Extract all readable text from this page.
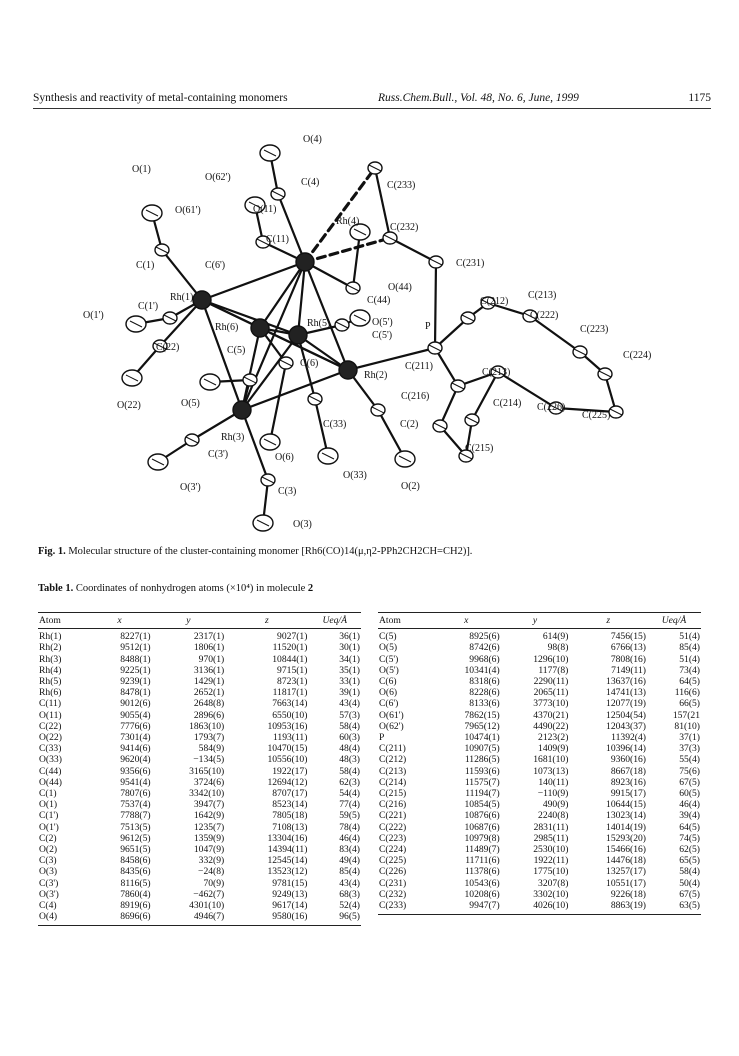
Synthesis and reactivity of metal-containing monomers	Russ.Chem.Bull., Vol. 48, No. 6, June, 1999	1175
O(4)
O(1)
O(62')	C(4)	C(233)
O(61')	O(11)
Rh(4)
C(232)
C(11)
C(1)	C(6')	C(231)
O(44)
C(213)
Rh(1)	C(44)	C(212)
C(222)
O(1')
C(1')
Rh(6)	Rh(5)	O(5')	P	C(223)
C(5')
C(22)	C(5)	C(224)
C(6)
Rh(2)
C(211)
C(213)
O(22)	O(5)
C(216)
C(214) C(226)
C(225)
C(33)	C(2)
Rh(3)
C(215)
C(3')	O(6)
O(33)
O(3')	O(2)
C(3)
O(3)
Fig. 1. Molecular structure of the cluster-containing monomer [Rh6(CO)14(μ,η2-PPh2CH2CH=CH2)].
Table 1. Coordinates of nonhydrogen atoms (×10⁴) in molecule 2
Atom	x	y	z	Ueq/Å
Rh(1)	8227(1)	2317(1)	9027(1)	36(1)
Rh(2)	9512(1)	1806(1)	11520(1)	30(1)
Rh(3)	8488(1)	970(1)	10844(1)	34(1)
Rh(4)	9225(1)	3136(1)	9715(1)	35(1)
Rh(5)	9239(1)	1429(1)	8723(1)	33(1)
Rh(6)	8478(1)	2652(1)	11817(1)	39(1)
C(11)	9012(6)	2648(8)	7663(14)	43(4)
O(11)	9055(4)	2896(6)	6550(10)	57(3)
C(22)	7776(6)	1863(10)	10953(16)	58(4)
O(22)	7301(4)	1793(7)	1193(11)	60(3)
C(33)	9414(6)	584(9)	10470(15)	48(4)
O(33)	9620(4)	−134(5)	10556(10)	48(3)
C(44)	9356(6)	3165(10)	1922(17)	58(4)
O(44)	9541(4)	3724(6)	12694(12)	62(3)
C(1)	7807(6)	3342(10)	8707(17)	54(4)
O(1)	7537(4)	3947(7)	8523(14)	77(4)
C(1')	7788(7)	1642(9)	7805(18)	59(5)
O(1')	7513(5)	1235(7)	7108(13)	78(4)
C(2)	9612(5)	1359(9)	13304(16)	46(4)
O(2)	9651(5)	1047(9)	14394(11)	83(4)
C(3)	8458(6)	332(9)	12545(14)	49(4)
O(3)	8435(6)	−24(8)	13523(12)	85(4)
C(3')	8116(5)	70(9)	9781(15)	43(4)
O(3')	7860(4)	−462(7)	9249(13)	68(3)
C(4)	8919(6)	4301(10)	9617(14)	52(4)
O(4)	8696(6)	4946(7)	9580(16)	96(5)
Atom	x	y	z	Ueq/Å
C(5)	8925(6)	614(9)	7456(15)	51(4)
O(5)	8742(6)	98(8)	6766(13)	85(4)
C(5')	9968(6)	1296(10)	7808(16)	51(4)
O(5')	10341(4)	1177(8)	7149(11)	73(4)
C(6)	8318(6)	2290(11)	13637(16)	64(5)
O(6)	8228(6)	2065(11)	14741(13)	116(6)
C(6')	8133(6)	3773(10)	12077(19)	66(5)
O(61')	7862(15)	4370(21)	12504(54)	157(21
O(62')	7965(12)	4490(22)	12043(37)	81(10)
P	10474(1)	2123(2)	11392(4)	37(1)
C(211)	10907(5)	1409(9)	10396(14)	37(3)
C(212)	11286(5)	1681(10)	9360(16)	55(4)
C(213)	11593(6)	1073(13)	8667(18)	75(6)
C(214)	11575(7)	140(11)	8923(16)	67(5)
C(215)	11194(7)	−110(9)	9915(17)	60(5)
C(216)	10854(5)	490(9)	10644(15)	46(4)
C(221)	10876(6)	2240(8)	13023(14)	39(4)
C(222)	10687(6)	2831(11)	14014(19)	64(5)
C(223)	10979(8)	2985(11)	15293(20)	74(5)
C(224)	11489(7)	2530(10)	15466(16)	62(5)
C(225)	11711(6)	1922(11)	14476(18)	65(5)
C(226)	11378(6)	1775(10)	13257(17)	58(4)
C(231)	10543(6)	3207(8)	10551(17)	50(4)
C(232)	10208(6)	3302(10)	9226(18)	67(5)
C(233)	9947(7)	4026(10)	8863(19)	63(5)
